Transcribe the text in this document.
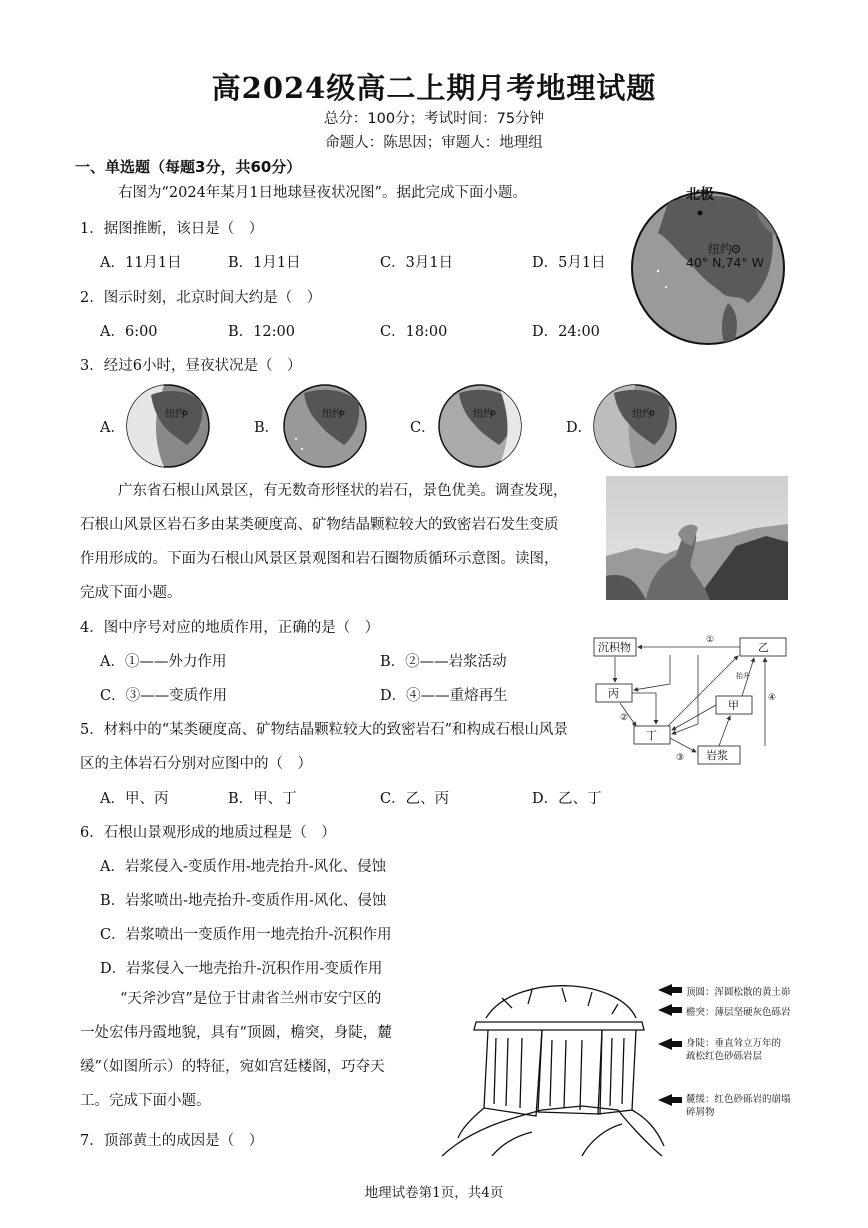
高2024级高二上期月考地理试题
总分：100分；考试时间：75分钟
命题人：陈思因；审题人：地理组
一、单选题（每题3分，共60分）
右图为“2024年某月1日地球昼夜状况图”。据此完成下面小题。	北极
纽约
40° N,74° W
1．据图推断，该日是（　）
A．11月1日	B．1月1日	C．3月1日	D．5月1日
2．图示时刻，北京时间大约是（　）
A．6:00	B．12:00	C．18:00	D．24:00
3．经过6小时，昼夜状况是（　）
A．
纽约
B．
纽约
C．
纽约
D．
纽约
广东省石根山风景区，有无数奇形怪状的岩石，景色优美。调查发现，
石根山风景区岩石多由某类硬度高、矿物结晶颗粒较大的致密岩石发生变质
作用形成的。下面为石根山风景区景观图和岩石圈物质循环示意图。读图，
完成下面小题。
4．图中序号对应的地质作用，正确的是（　）
A．①——外力作用	B．②——岩浆活动
C．③——变质作用	D．④——重熔再生
沉积物	乙
丙
甲
丁
岩浆
①
②
③
④
抬升
5．材料中的“某类硬度高、矿物结晶颗粒较大的致密岩石”和构成石根山风景
区的主体岩石分别对应图中的（　）
A．甲、丙	B．甲、丁	C．乙、丙	D．乙、丁
6．石根山景观形成的地质过程是（　）
A．岩浆侵入-变质作用-地壳抬升-风化、侵蚀
B．岩浆喷出-地壳抬升-变质作用-风化、侵蚀
C．岩浆喷出一变质作用一地壳抬升-沉积作用
D．岩浆侵入一地壳抬升-沉积作用-变质作用
“天斧沙宫”是位于甘肃省兰州市安宁区的
一处宏伟丹霞地貌，具有“顶圆，檐突，身陡，麓
缓”（如图所示）的特征，宛如宫廷楼阁，巧夺天
工。完成下面小题。
顶圆：浑圆松散的黄土峁
檐突：薄层坚硬灰色砾岩
身陡：垂直耸立万年的
疏松红色砂砾岩层
麓缓：红色砂砾岩的崩塌
碎屑物
7．顶部黄土的成因是（　）
地理试卷第1页，共4页
